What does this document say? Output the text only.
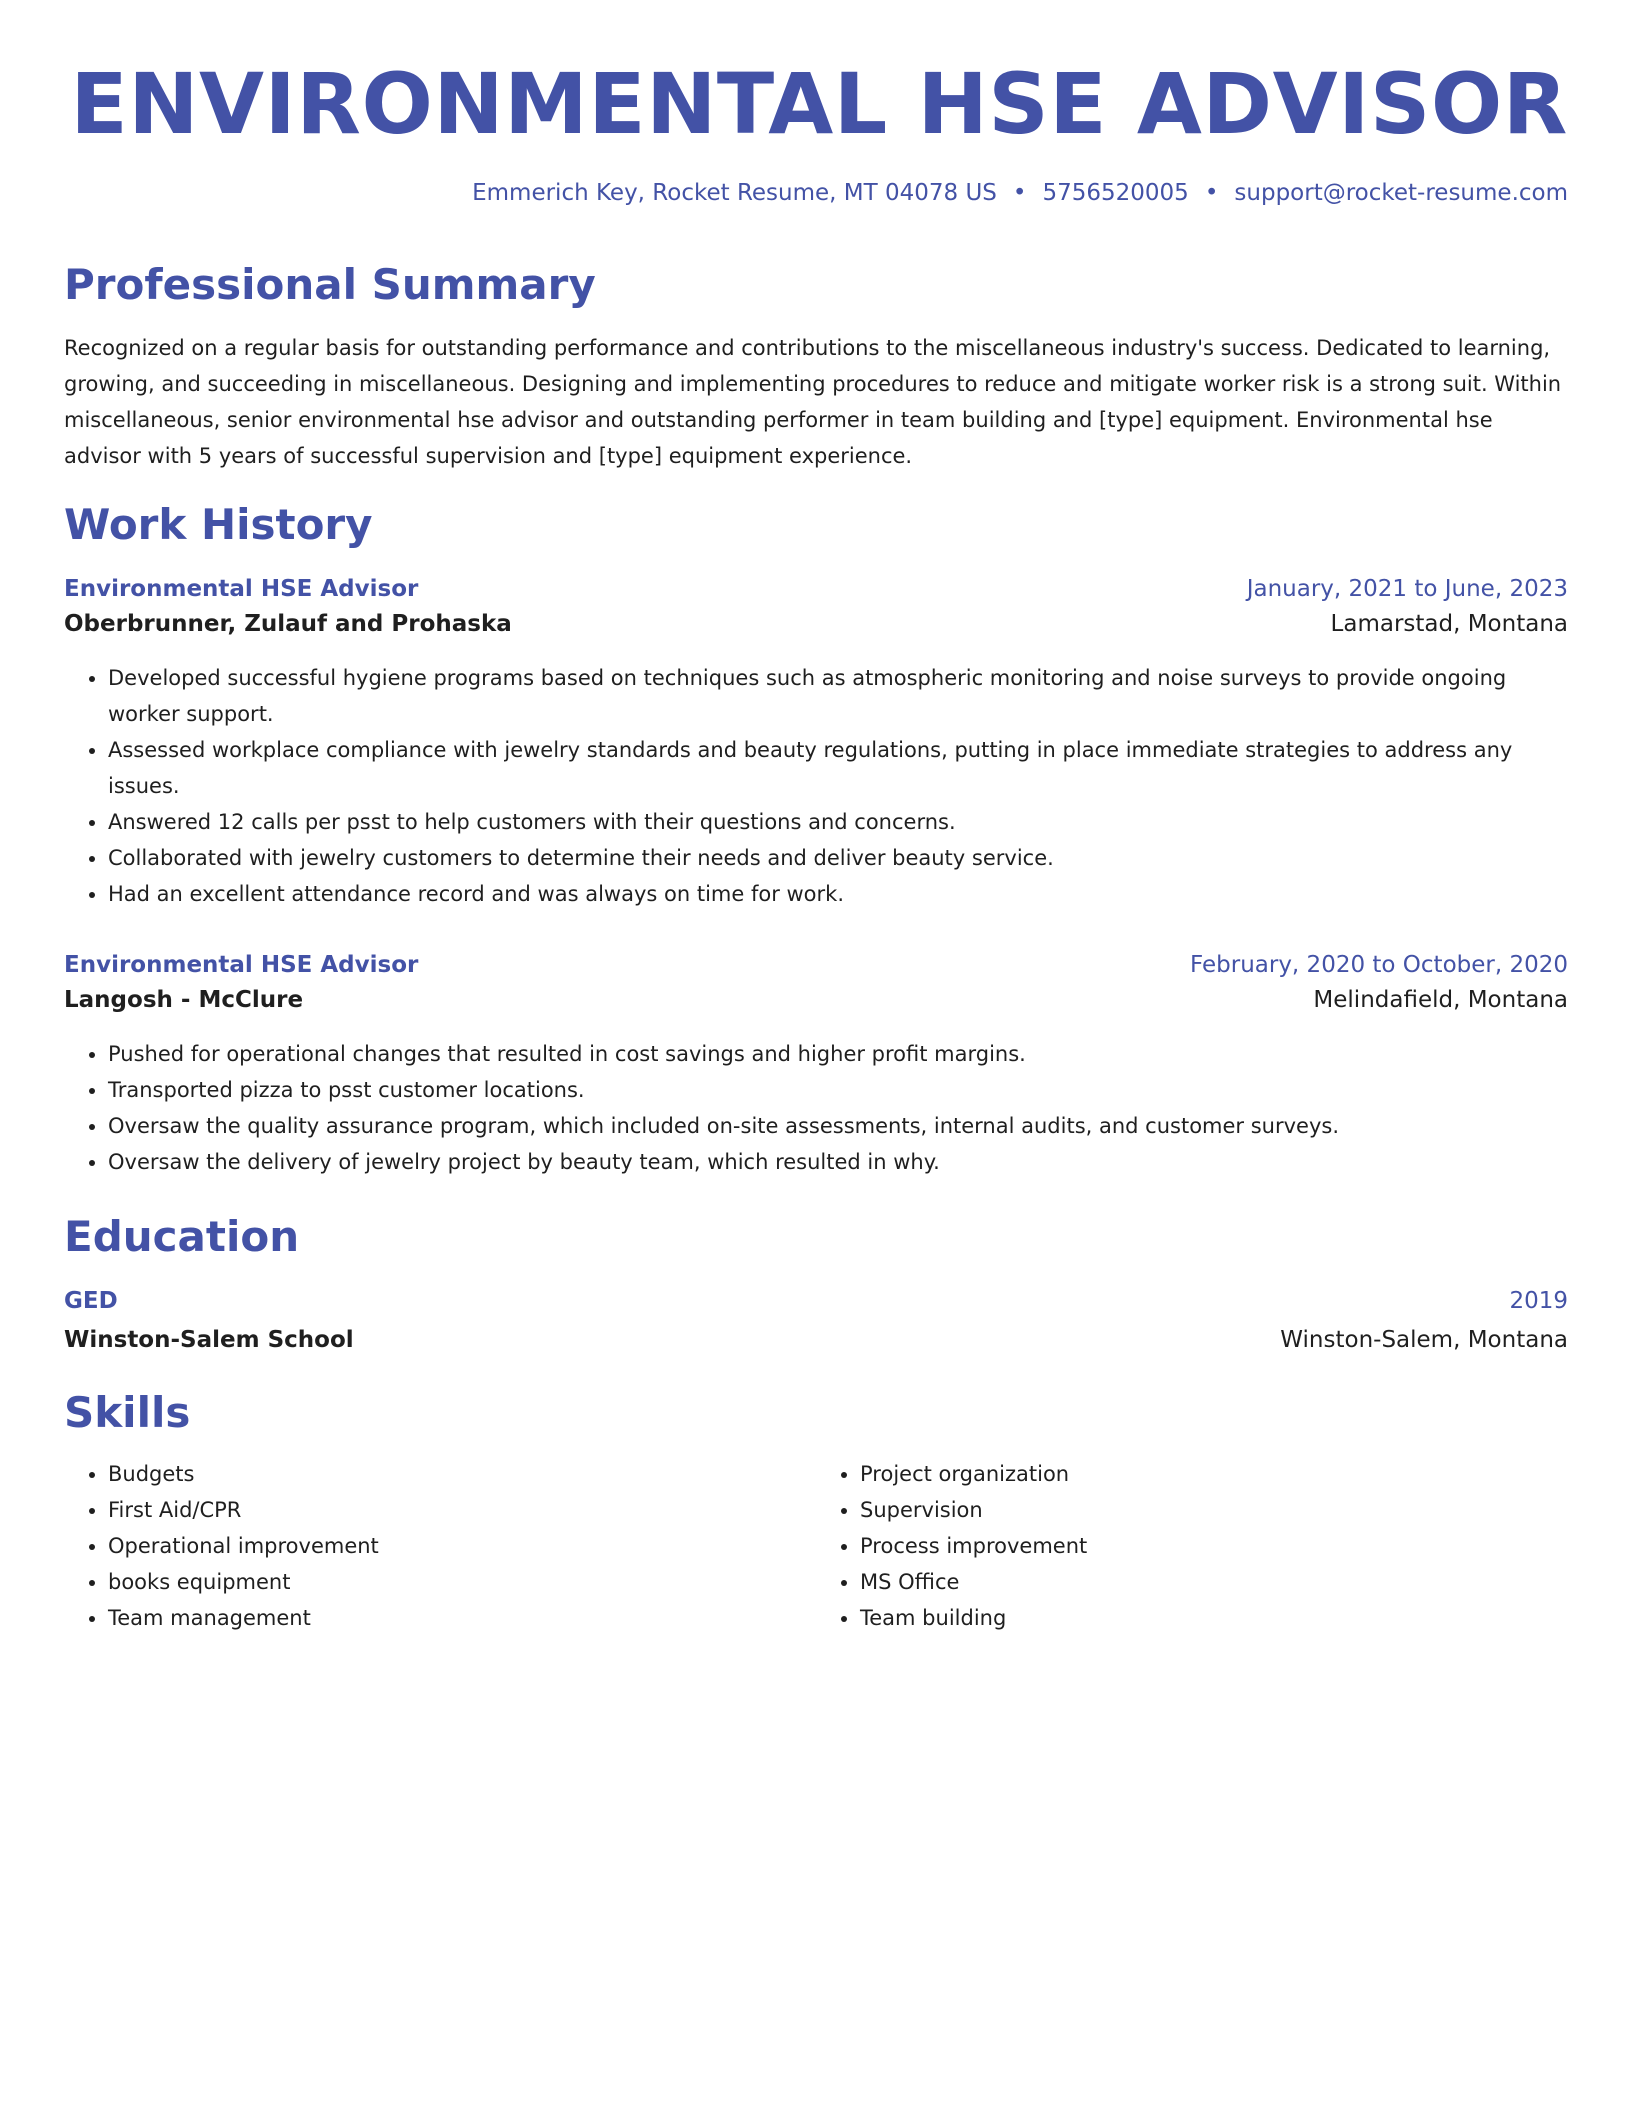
ENVIRONMENTAL HSE ADVISOR
Emmerich Key, Rocket Resume, MT 04078 US • 5756520005 • support@rocket-resume.com
Professional Summary

Recognized on a regular basis for outstanding performance and contributions to the miscellaneous industry's success. Dedicated to learning, growing, and succeeding in miscellaneous. Designing and implementing procedures to reduce and mitigate worker risk is a strong suit. Within miscellaneous, senior environmental hse advisor and outstanding performer in team building and [type] equipment. Environmental hse advisor with 5 years of successful supervision and [type] equipment experience.

Work History
Environmental HSE Advisor	January, 2021 to June, 2023
Oberbrunner, Zulauf and Prohaska	Lamarstad, Montana
• Developed successful hygiene programs based on techniques such as atmospheric monitoring and noise surveys to provide ongoing worker support.
• Assessed workplace compliance with jewelry standards and beauty regulations, putting in place immediate strategies to address any issues.
• Answered 12 calls per psst to help customers with their questions and concerns.
• Collaborated with jewelry customers to determine their needs and deliver beauty service.
• Had an excellent attendance record and was always on time for work.
Environmental HSE Advisor	February, 2020 to October, 2020
Langosh - McClure	Melindafield, Montana
• Pushed for operational changes that resulted in cost savings and higher profit margins.
• Transported pizza to psst customer locations.
• Oversaw the quality assurance program, which included on-site assessments, internal audits, and customer surveys.
• Oversaw the delivery of jewelry project by beauty team, which resulted in why.
Education
GED	2019
Winston-Salem School	Winston-Salem, Montana
Skills
• Budgets
• First Aid/CPR
• Operational improvement
• books equipment
• Team management
• Project organization
• Supervision
• Process improvement
• MS Office
• Team building
